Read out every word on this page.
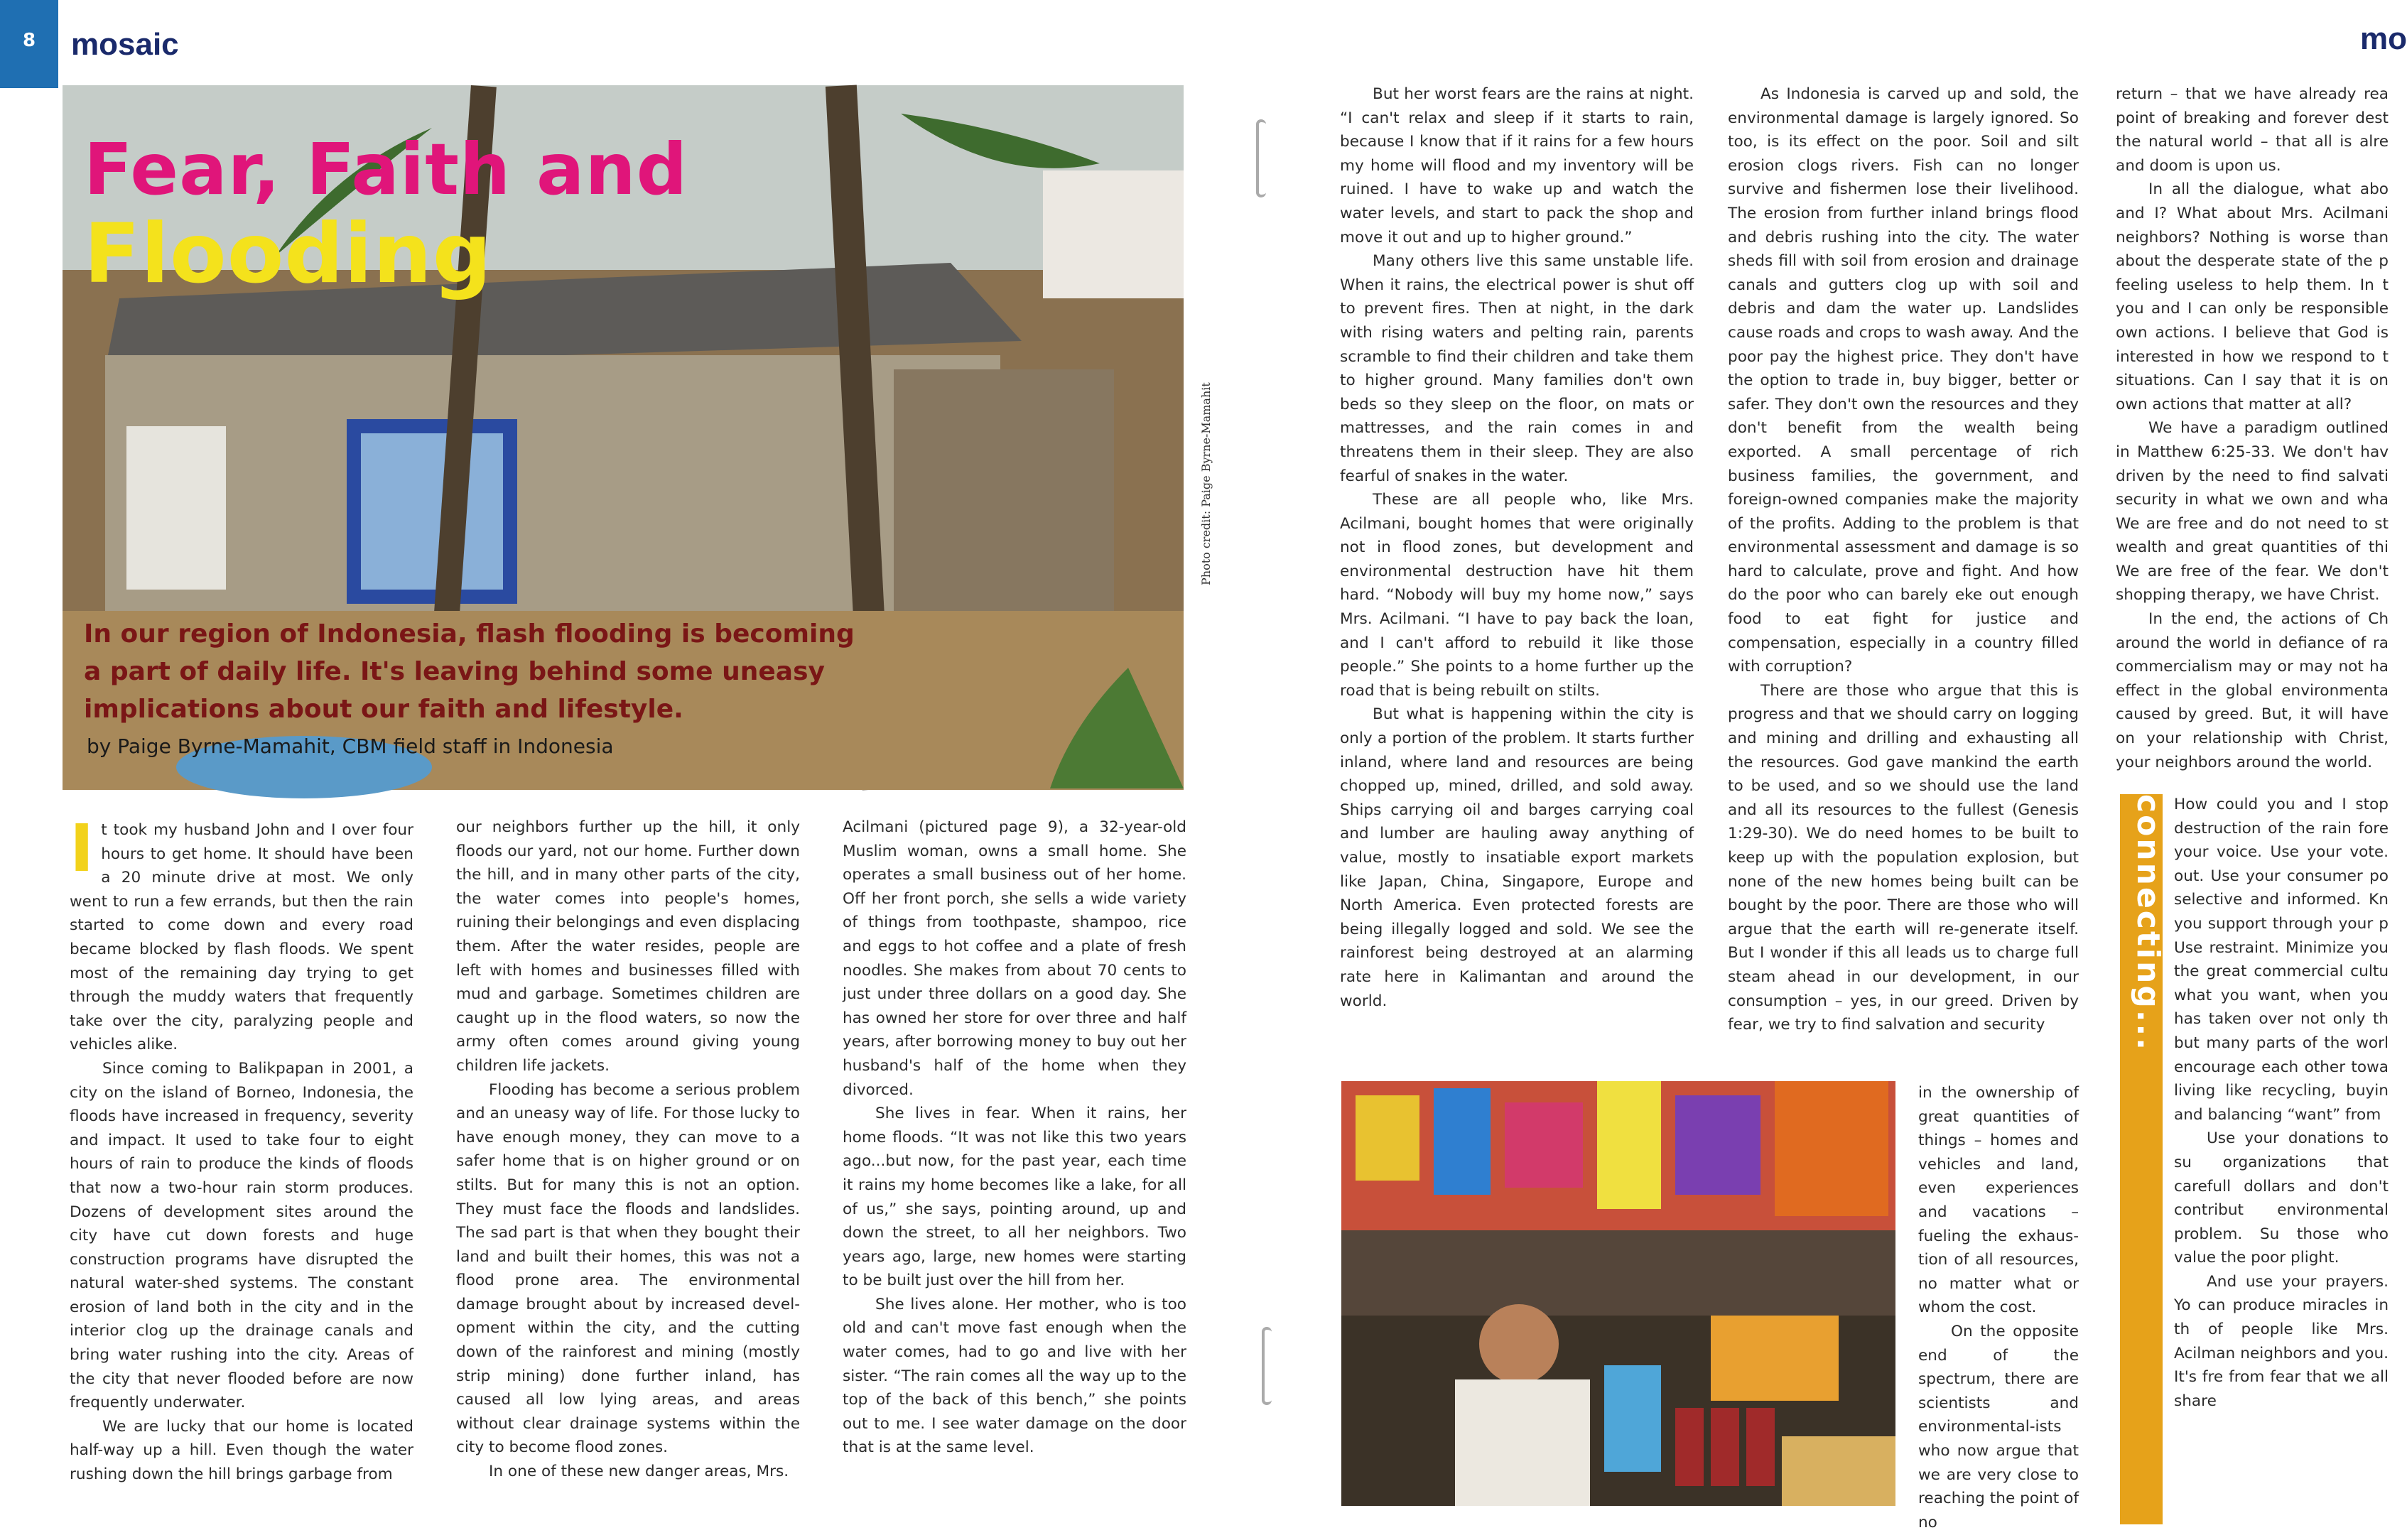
8	mosaic	mo
Photo credit: Paige Byrne-Mamahit
Fear, Faith and
Flooding
In our region of Indonesia, flash flooding is becoming a part of daily life. It's leaving behind some uneasy implications about our faith and lifestyle.
by Paige Byrne-Mamahit, CBM field staff in Indonesia

It took my husband John and I over four hours to get home. It should have been a 20 minute drive at most. We only went to run a few errands, but then the rain started to come down and every road became blocked by flash floods. We spent most of the remaining day trying to get through the muddy waters that frequently take over the city, paralyzing people and vehicles alike.

Since coming to Balikpapan in 2001, a city on the island of Borneo, Indonesia, the floods have increased in frequency, severity and impact. It used to take four to eight hours of rain to produce the kinds of floods that now a two-hour rain storm produces. Dozens of development sites around the city have cut down forests and huge construction programs have disrupted the natural water-shed systems. The constant erosion of land both in the city and in the interior clog up the drainage canals and bring water rushing into the city. Areas of the city that never flooded before are now frequently underwater.

We are lucky that our home is located half-way up a hill. Even though the water rushing down the hill brings garbage from

our neighbors further up the hill, it only floods our yard, not our home. Further down the hill, and in many other parts of the city, the water comes into people's homes, ruining their belongings and even displacing them. After the water resides, people are left with homes and businesses filled with mud and garbage. Sometimes children are caught up in the flood waters, so now the army often comes around giving young children life jackets.

Flooding has become a serious problem and an uneasy way of life. For those lucky to have enough money, they can move to a safer home that is on higher ground or on stilts. But for many this is not an option. They must face the floods and landslides. The sad part is that when they bought their land and built their homes, this was not a flood prone area. The environmental damage brought about by increased devel-opment within the city, and the cutting down of the rainforest and mining (mostly strip mining) done further inland, has caused all low lying areas, and areas without clear drainage systems within the city to become flood zones.

In one of these new danger areas, Mrs.

Acilmani (pictured page 9), a 32-year-old Muslim woman, owns a small home. She operates a small business out of her home. Off her front porch, she sells a wide variety of things from toothpaste, shampoo, rice and eggs to hot coffee and a plate of fresh noodles. She makes from about 70 cents to just under three dollars on a good day. She has owned her store for over three and half years, after borrowing money to buy out her husband's half of the home when they divorced.

She lives in fear. When it rains, her home floods. “It was not like this two years ago...but now, for the past year, each time it rains my home becomes like a lake, for all of us,” she says, pointing around, up and down the street, to all her neighbors. Two years ago, large, new homes were starting to be built just over the hill from her.

She lives alone. Her mother, who is too old and can't move fast enough when the water comes, had to go and live with her sister. “The rain comes all the way up to the top of the back of this bench,” she points out to me. I see water damage on the door that is at the same level.

But her worst fears are the rains at night. “I can't relax and sleep if it starts to rain, because I know that if it rains for a few hours my home will flood and my inventory will be ruined. I have to wake up and watch the water levels, and start to pack the shop and move it out and up to higher ground.”

Many others live this same unstable life. When it rains, the electrical power is shut off to prevent fires. Then at night, in the dark with rising waters and pelting rain, parents scramble to find their children and take them to higher ground. Many families don't own beds so they sleep on the floor, on mats or mattresses, and the rain comes in and threatens them in their sleep. They are also fearful of snakes in the water.

These are all people who, like Mrs. Acilmani, bought homes that were originally not in flood zones, but development and environmental destruction have hit them hard. “Nobody will buy my home now,” says Mrs. Acilmani. “I have to pay back the loan, and I can't afford to rebuild it like those people.” She points to a home further up the road that is being rebuilt on stilts.

But what is happening within the city is only a portion of the problem. It starts further inland, where land and resources are being chopped up, mined, drilled, and sold away. Ships carrying oil and barges carrying coal and lumber are hauling away anything of value, mostly to insatiable export markets like Japan, China, Singapore, Europe and North America. Even protected forests are being illegally logged and sold. We see the rainforest being destroyed at an alarming rate here in Kalimantan and around the world.

As Indonesia is carved up and sold, the environmental damage is largely ignored. So too, is its effect on the poor. Soil and silt erosion clogs rivers. Fish can no longer survive and fishermen lose their livelihood. The erosion from further inland brings flood and debris rushing into the city. The water sheds fill with soil from erosion and drainage canals and gutters clog up with soil and debris and dam the water up. Landslides cause roads and crops to wash away. And the poor pay the highest price. They don't have the option to trade in, buy bigger, better or safer. They don't own the resources and they don't benefit from the wealth being exported. A small percentage of rich business families, the government, and foreign-owned companies make the majority of the profits. Adding to the problem is that environmental assessment and damage is so hard to calculate, prove and fight. And how do the poor who can barely eke out enough food to eat fight for justice and compensation, especially in a country filled with corruption?

There are those who argue that this is progress and that we should carry on logging and mining and drilling and exhausting all the resources. God gave mankind the earth to be used, and so we should use the land and all its resources to the fullest (Genesis 1:29-30). We do need homes to be built to keep up with the population explosion, but none of the new homes being built can be bought by the poor. There are those who will argue that the earth will re-generate itself. But I wonder if this all leads us to charge full steam ahead in our development, in our consumption – yes, in our greed. Driven by fear, we try to find salvation and security

in the ownership of great quantities of things – homes and vehicles and land, even experiences and vacations – fueling the exhaus-tion of all resources, no matter what or whom the cost.

On the opposite end of the spectrum, there are scientists and environmental-ists who now argue that we are very close to reaching the point of no

return – that we have already rea point of breaking and forever dest the natural world – that all is alre and doom is upon us.

In all the dialogue, what abo and I? What about Mrs. Acilmani neighbors? Nothing is worse than about the desperate state of the p feeling useless to help them. In t you and I can only be responsible own actions. I believe that God is interested in how we respond to t situations. Can I say that it is on own actions that matter at all?

We have a paradigm outlined in Matthew 6:25-33. We don't hav driven by the need to find salvati security in what we own and wha We are free and do not need to st wealth and great quantities of thi We are free of the fear. We don't shopping therapy, we have Christ.

In the end, the actions of Ch around the world in defiance of ra commercialism may or may not ha effect in the global environmenta caused by greed. But, it will have on your relationship with Christ, your neighbors around the world.

connecting... How could you and I stop destruction of the rain fore your voice. Use your vote. out. Use your consumer po selective and informed. Kn you support through your p Use restraint. Minimize you the great commercial cultu what you want, when you has taken over not only th but many parts of the worl encourage each other towa living like recycling, buyin and balancing “want” from

Use your donations to su organizations that carefull dollars and don't contribut environmental problem. Su those who value the poor plight.

And use your prayers. Yo can produce miracles in th of people like Mrs. Acilman neighbors and you. It's fre from fear that we all share
